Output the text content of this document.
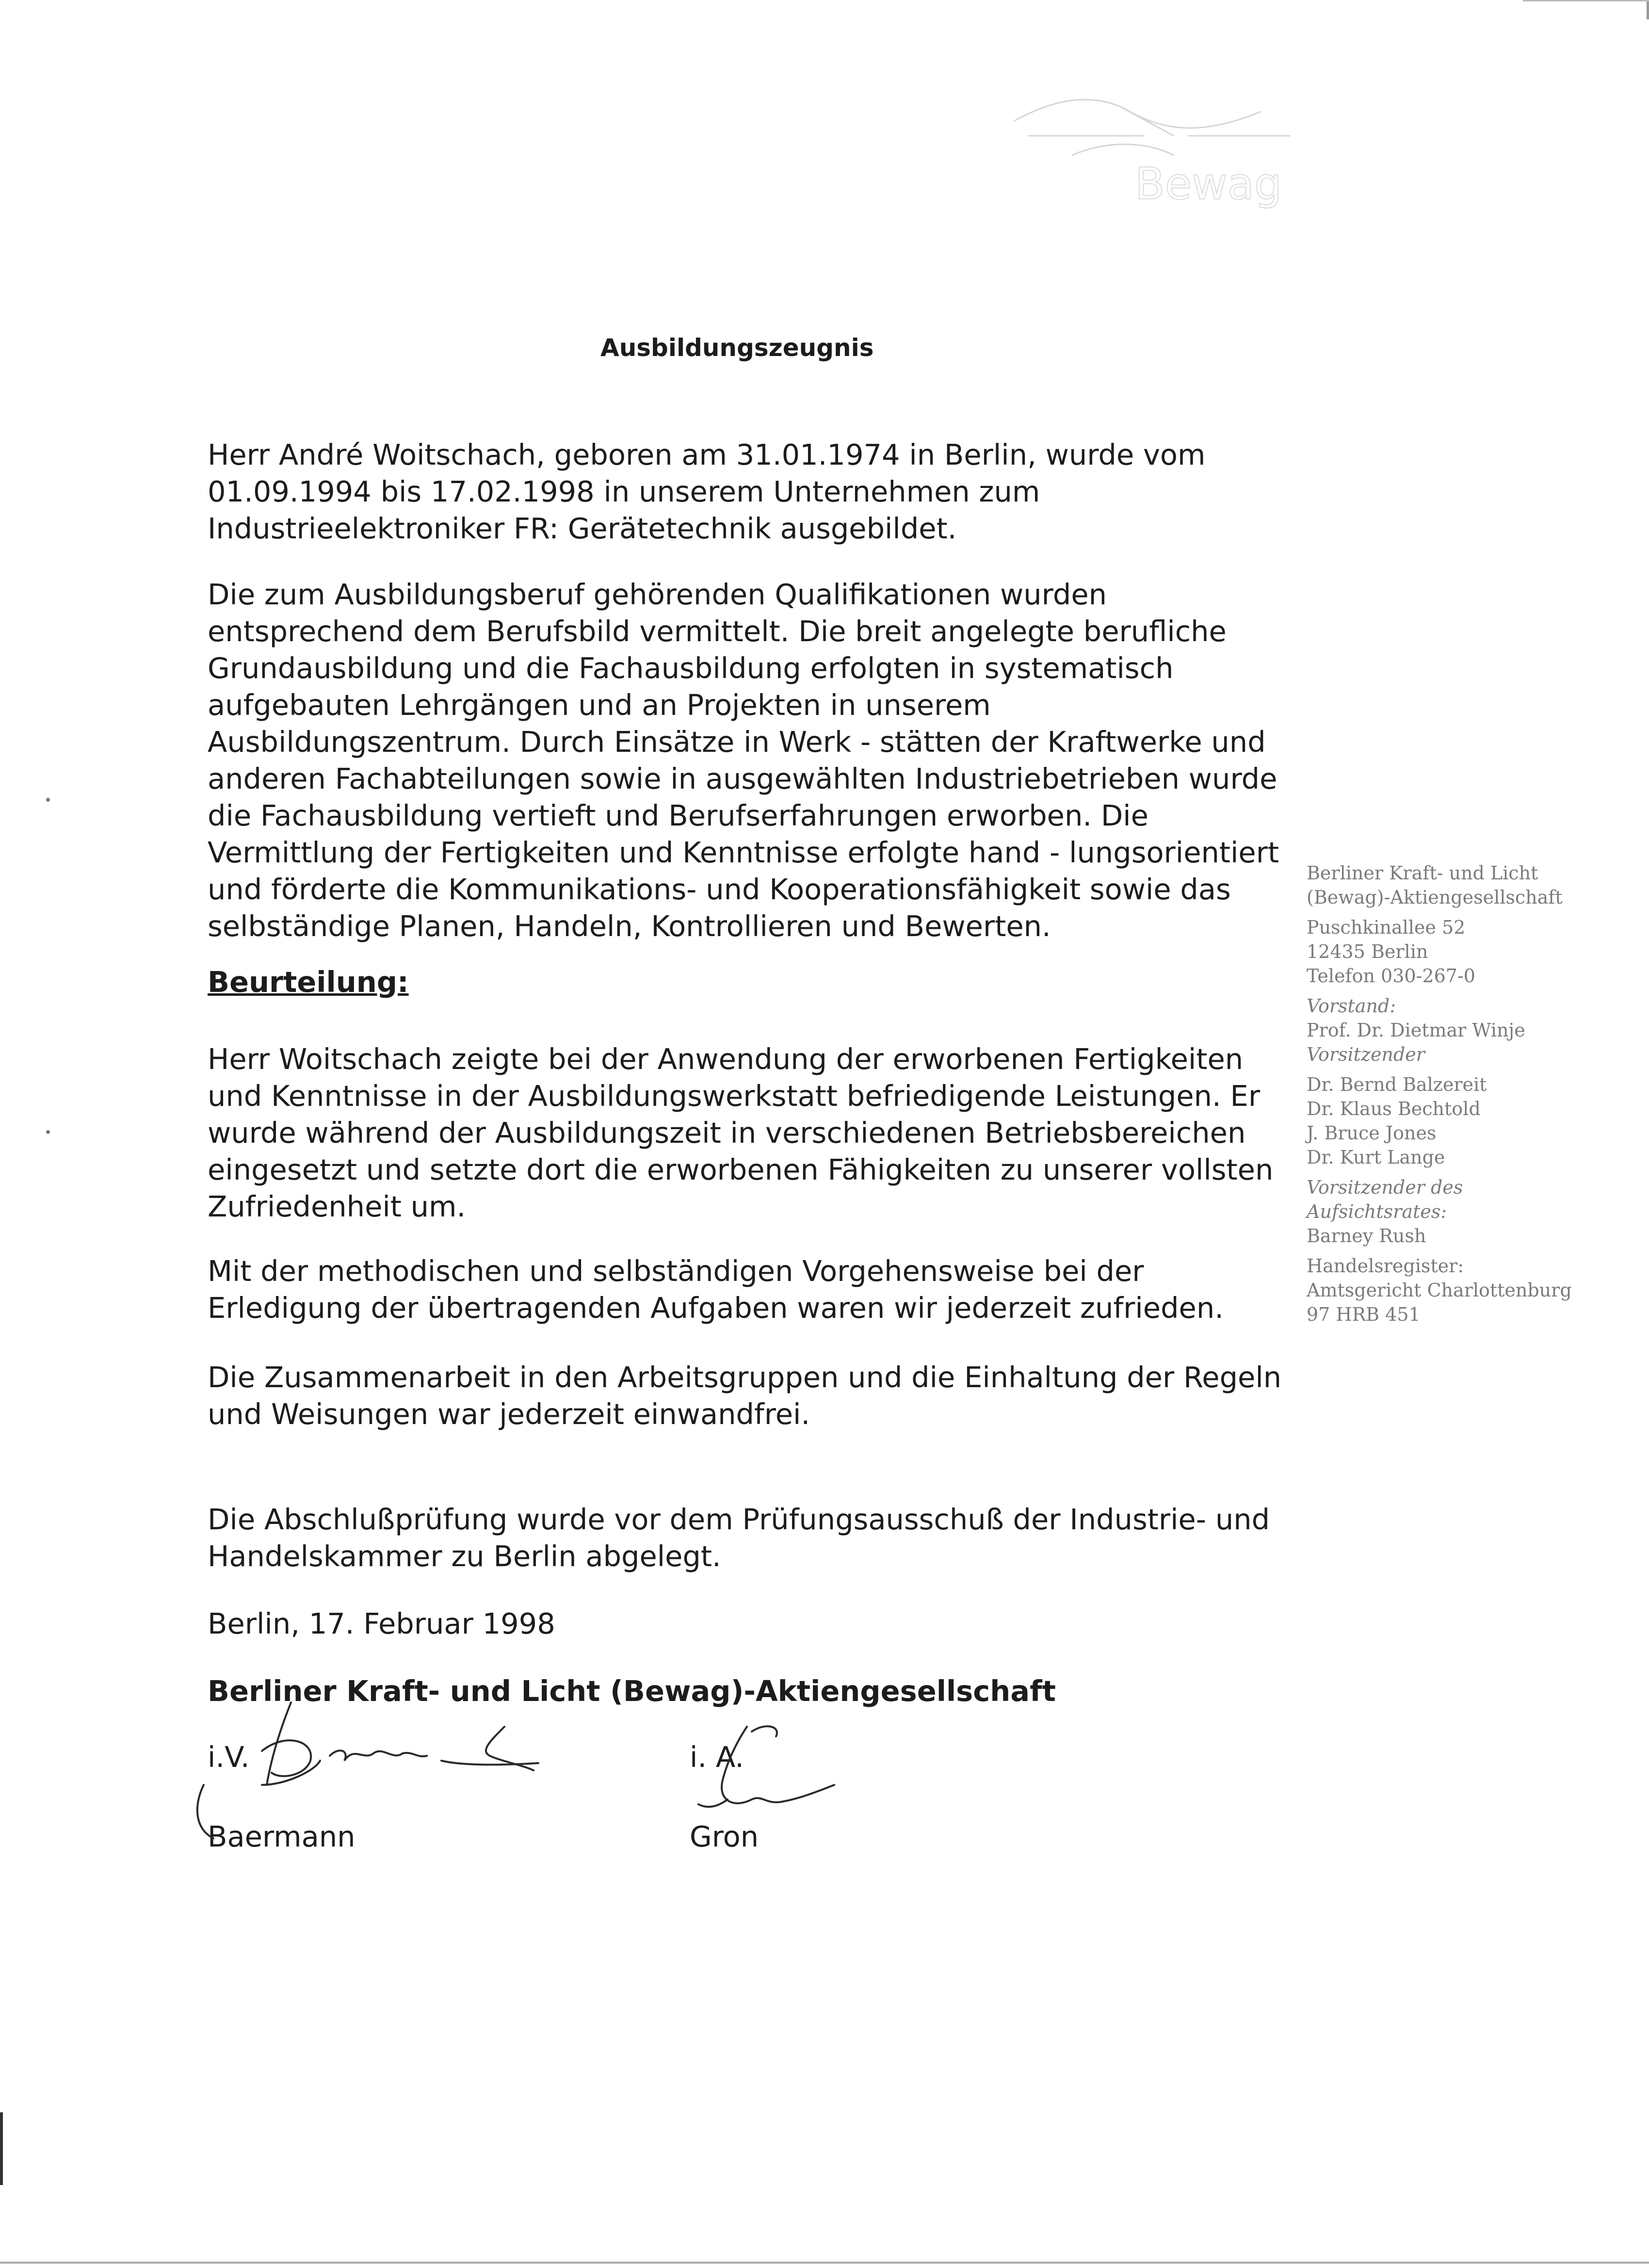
Bewag
Ausbildungszeugnis
Herr André Woitschach, geboren am 31.01.1974 in Berlin, wurde vom 01.09.1994 bis 17.02.1998 in unserem Unternehmen zum Industrieelektroniker FR: Gerätetechnik ausgebildet.
Die zum Ausbildungsberuf gehörenden Qualifikationen wurden entsprechend dem Berufsbild vermittelt. Die breit angelegte berufliche Grundausbildung und die Fachausbildung erfolgten in systematisch aufgebauten Lehrgängen und an Projekten in unserem Ausbildungszentrum. Durch Einsätze in Werk - stätten der Kraftwerke und anderen Fachabteilungen sowie in ausgewählten Industriebetrieben wurde die Fachausbildung vertieft und Berufserfahrungen erworben. Die Vermittlung der Fertigkeiten und Kenntnisse erfolgte hand - lungsorientiert und förderte die Kommunikations- und Kooperationsfähigkeit sowie das selbständige Planen, Handeln, Kontrollieren und Bewerten.
Beurteilung:
Herr Woitschach zeigte bei der Anwendung der erworbenen Fertigkeiten und Kenntnisse in der Ausbildungswerkstatt befriedigende Leistungen. Er wurde während der Ausbildungszeit in verschiedenen Betriebsbereichen eingesetzt und setzte dort die erworbenen Fähigkeiten zu unserer vollsten Zufriedenheit um.
Mit der methodischen und selbständigen Vorgehensweise bei der Erledigung der übertragenden Aufgaben waren wir jederzeit zufrieden.
Die Zusammenarbeit in den Arbeitsgruppen und die Einhaltung der Regeln und Weisungen war jederzeit einwandfrei.
Die Abschlußprüfung wurde vor dem Prüfungsausschuß der Industrie- und Handelskammer zu Berlin abgelegt.
Berlin, 17. Februar 1998
Berliner Kraft- und Licht (Bewag)-Aktiengesellschaft
i.V.
Baermann
i. A.
Gron
Berliner Kraft- und Licht
(Bewag)-Aktiengesellschaft
Puschkinallee 52
12435 Berlin
Telefon 030-267-0
Vorstand:
Prof. Dr. Dietmar Winje
Vorsitzender
Dr. Bernd Balzereit
Dr. Klaus Bechtold
J. Bruce Jones
Dr. Kurt Lange
Vorsitzender des
Aufsichtsrates:
Barney Rush
Handelsregister:
Amtsgericht Charlottenburg
97 HRB 451
